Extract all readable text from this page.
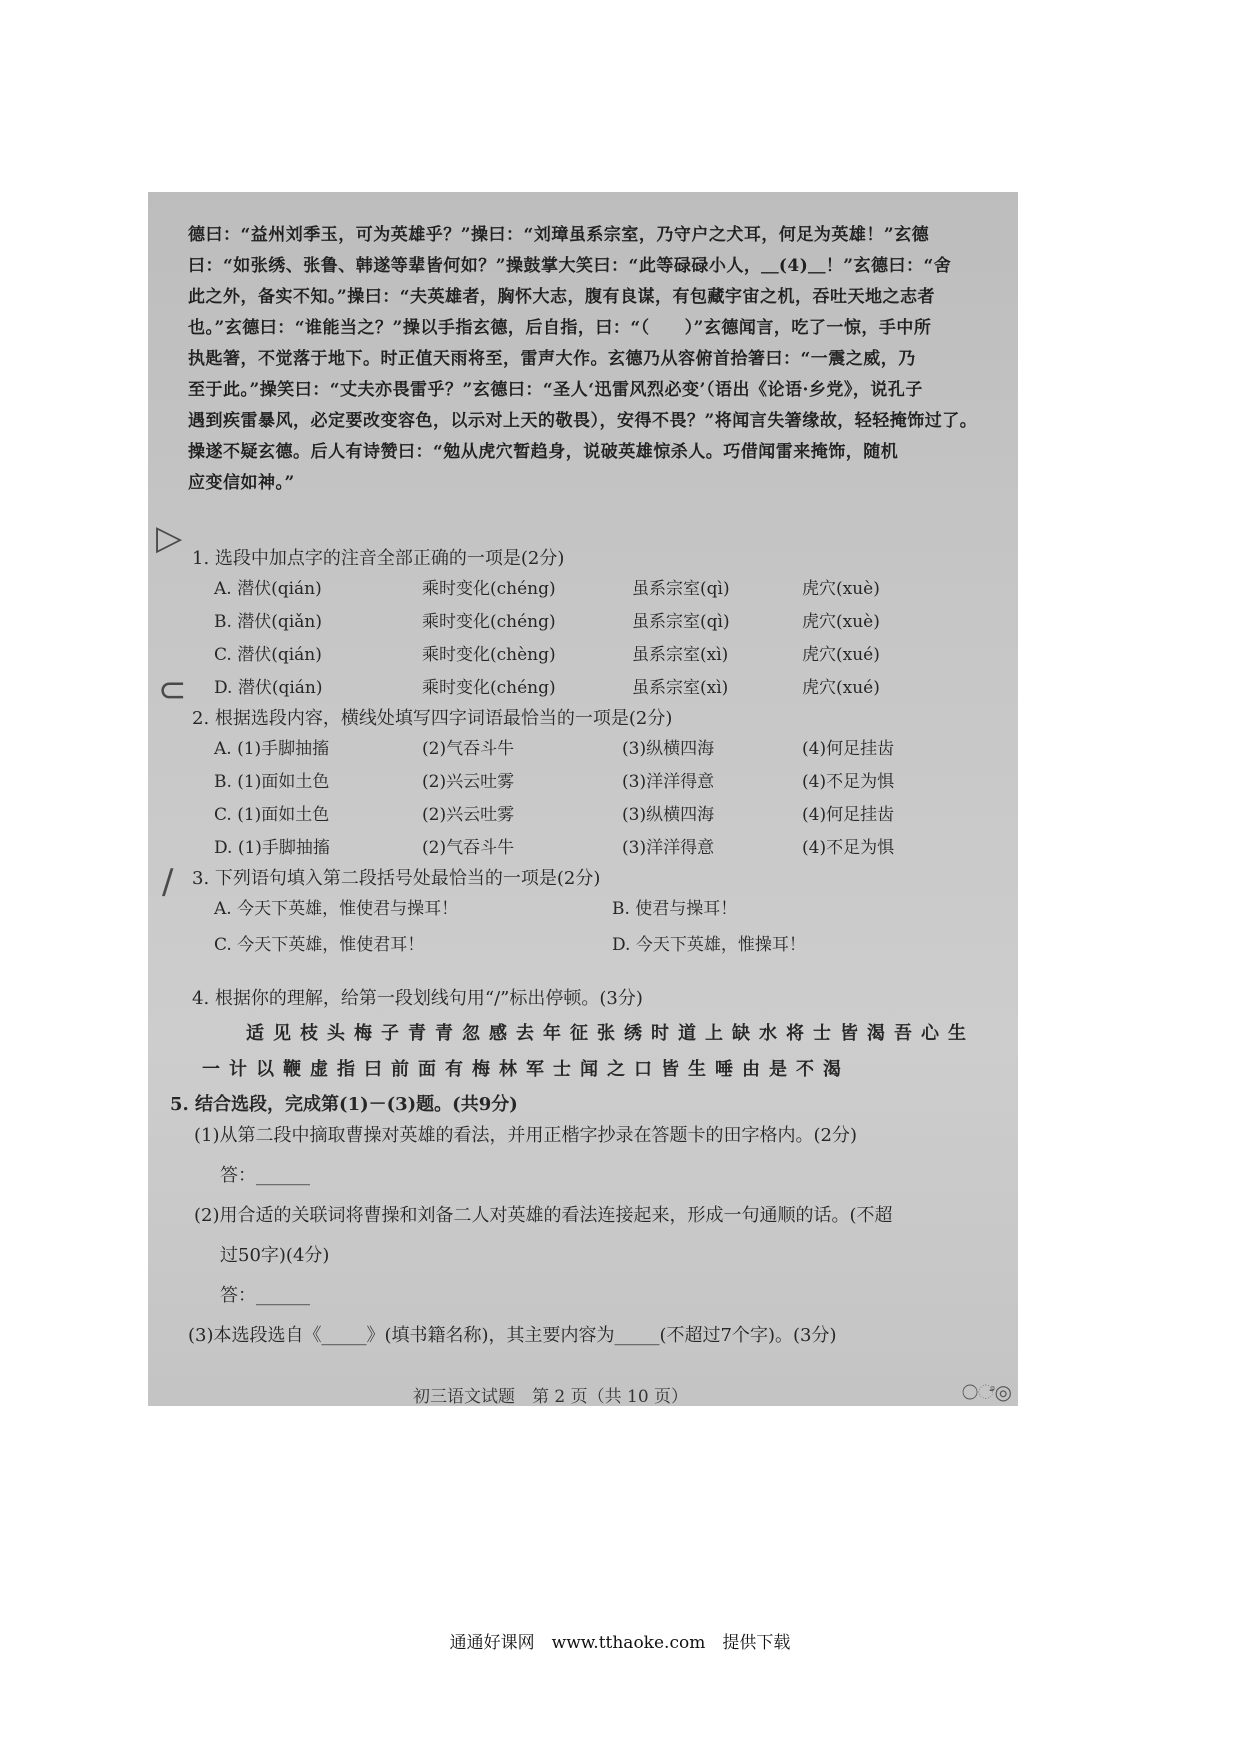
德曰：“益州刘季玉，可为英雄乎？”操曰：“刘璋虽系宗室，乃守户之犬耳，何足为英雄！”玄德

曰：“如张绣、张鲁、韩遂等辈皆何如？”操鼓掌大笑曰：“此等碌碌小人，＿(4)＿！”玄德曰：“舍

此之外，备实不知。”操曰：“夫英雄者，胸怀大志，腹有良谋，有包藏宇宙之机，吞吐天地之志者

也。”玄德曰：“谁能当之？”操以手指玄德，后自指，曰：“（　　）”玄德闻言，吃了一惊，手中所

执匙箸，不觉落于地下。时正值天雨将至，雷声大作。玄德乃从容俯首拾箸曰：“一震之威，乃

至于此。”操笑曰：“丈夫亦畏雷乎？”玄德曰：“圣人‘迅雷风烈必变’（语出《论语·乡党》，说孔子

遇到疾雷暴风，必定要改变容色，以示对上天的敬畏），安得不畏？”将闻言失箸缘故，轻轻掩饰过了。

操遂不疑玄德。后人有诗赞曰：“勉从虎穴暂趋身，说破英雄惊杀人。巧借闻雷来掩饰，随机

应变信如神。”

▷
⊂
∕
1. 选段中加点字的注音全部正确的一项是(2分)
A. 潜伏(qián)	乘时变化(chéng)	虽系宗室(qì)	虎穴(xuè)
B. 潜伏(qiǎn)	乘时变化(chéng)	虽系宗室(qì)	虎穴(xuè)
C. 潜伏(qián)	乘时变化(chèng)	虽系宗室(xì)	虎穴(xué)
D. 潜伏(qián)	乘时变化(chéng)	虽系宗室(xì)	虎穴(xué)
2. 根据选段内容，横线处填写四字词语最恰当的一项是(2分)
A. (1)手脚抽搐	(2)气吞斗牛	(3)纵横四海	(4)何足挂齿
B. (1)面如土色	(2)兴云吐雾	(3)洋洋得意	(4)不足为惧
C. (1)面如土色	(2)兴云吐雾	(3)纵横四海	(4)何足挂齿
D. (1)手脚抽搐	(2)气吞斗牛	(3)洋洋得意	(4)不足为惧
3. 下列语句填入第二段括号处最恰当的一项是(2分)
A. 今天下英雄，惟使君与操耳！	B. 使君与操耳！
C. 今天下英雄，惟使君耳！	D. 今天下英雄，惟操耳！
4. 根据你的理解，给第一段划线句用“/”标出停顿。(3分)
适见枝头梅子青青忽感去年征张绣时道上缺水将士皆渴吾心生
一计以鞭虚指曰前面有梅林军士闻之口皆生唾由是不渴
5. 结合选段，完成第(1)－(3)题。(共9分)
(1)从第二段中摘取曹操对英雄的看法，并用正楷字抄录在答题卡的田字格内。(2分)
答：______
(2)用合适的关联词将曹操和刘备二人对英雄的看法连接起来，形成一句通顺的话。(不超
过50字)(4分)
答：______
(3)本选段选自《_____》(填书籍名称)，其主要内容为_____(不超过7个字)。(3分)
初三语文试题　第 2 页（共 10 页）	○ೆ◎
通通好课网　www.tthaoke.com　提供下载
